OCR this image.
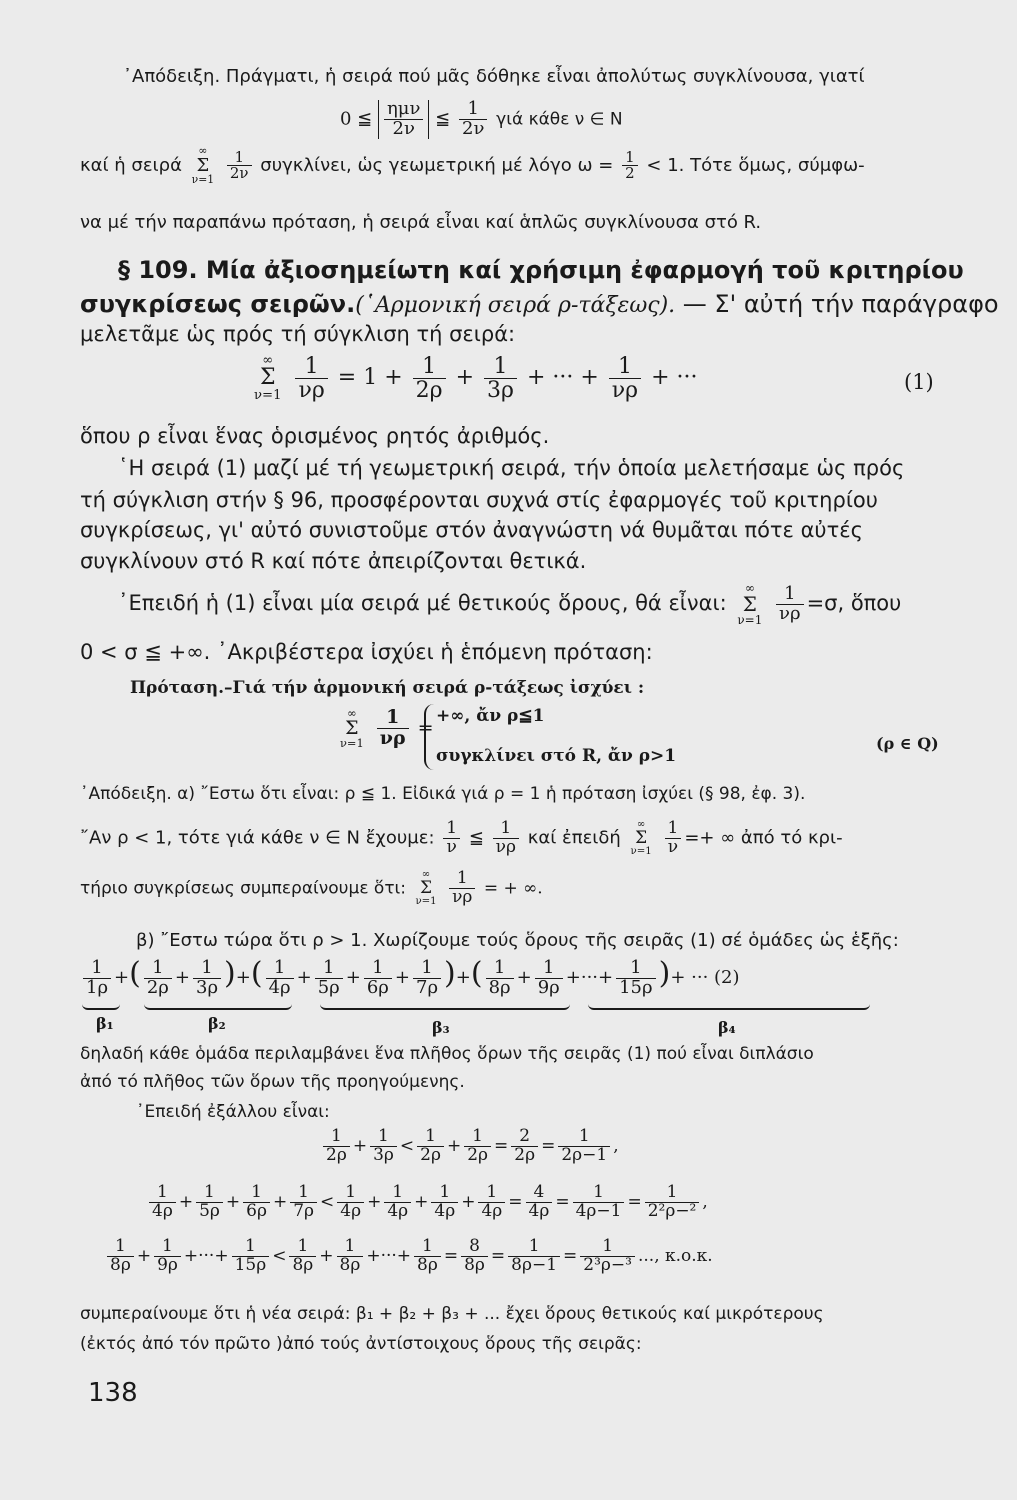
᾿Απόδειξη. Πράγματι, ἡ σειρά πού μᾶς δόθηκε εἶναι ἀπολύτως συγκλίνουσα, γιατί
0 ≦ $\frac{\text{ημν}}{2\nu}$ ≦ $\frac{1}{2\nu}$ γιά κάθε ν ∈ N
καί ἡ σειρά
∞
Σ
ν=1
$\frac{1}{2\nu} \sigma\upsilon\gamma\kappa\lambda ί\nu\varepsilon\iota$, ὡς γεωμετρική μέ λόγο $\omega = \frac{1}{2} < 1$. Τότε ὅμως, σύμφω-
να μέ τήν παραπάνω πρόταση, ἡ σειρά εἶναι καί ἁπλῶς συγκλίνουσα στό R.
§ 109. Μία ἀξιοσημείωτη καί χρήσιμη ἐφαρμογή τοῦ κριτηρίου
συγκρίσεως σειρῶν.(῾Αρμονική σειρά ρ-τάξεως). — Σ' αὐτή τήν παράγραφο
μελετᾶμε ὡς πρός τή σύγκλιση τή σειρά:
∞
Σ
ν=1
$\frac{1}{\nu\rho} = 1 + \frac{1}{2\rho} + \frac{1}{3\rho}$ + ··· + $\frac{1}{\nu\rho}$ + ···	(1)
ὅπου ρ εἶναι ἕνας ὁρισμένος ρητός ἀριθμός.
῾Η σειρά (1) μαζί μέ τή γεωμετρική σειρά, τήν ὁποία μελετήσαμε ὡς πρός
τή σύγκλιση στήν § 96, προσφέρονται συχνά στίς ἐφαρμογές τοῦ κριτηρίου
συγκρίσεως, γι' αὐτό συνιστοῦμε στόν ἀναγνώστη νά θυμᾶται πότε αὐτές
συγκλίνουν στό R καί πότε ἀπειρίζονται θετικά.
᾿Επειδή ἡ (1) εἶναι μία σειρά μέ θετικούς ὅρους, θά εἶναι:
∞
Σ
ν=1
$\frac{1}{\nu\rho} =\sigma$, ὅπου
0 < σ ≦ +∞. ᾿Ακριβέστερα ἰσχύει ἡ ἑπόμενη πρόταση:
Πρόταση.–Γιά τήν ἁρμονική σειρά ρ-τάξεως ἰσχύει :
∞
Σ
ν=1
$\frac{1}{\nu\rho}$ =
+∞, ἄν ρ≦1
συγκλίνει στό R, ἄν ρ>1
(ρ ∈ Q)
᾿Απόδειξη. α) ῎Εστω ὅτι εἶναι: ρ ≦ 1. Εἰδικά γιά ρ = 1 ἡ πρόταση ἰσχύει (§ 98, ἐφ. 3).
῎Αν ρ < 1, τότε γιά κάθε ν ∈ N ἔχουμε: $\frac{1}{\nu}$ ≦ $\frac{1}{\nu\rho}$ καί ἐπειδή
∞
Σ
ν=1
$\frac{1}{\nu}$ =+ ∞ ἀπό τό κρι-
τήριο συγκρίσεως συμπεραίνουμε ὅτι:
∞
Σ
ν=1
$\frac{1}{\nu\rho}$ = + ∞.
β) ῎Εστω τώρα ὅτι ρ > 1. Χωρίζουμε τούς ὅρους τῆς σειρᾶς (1) σέ ὁμάδες ὡς ἑξῆς:
$\frac{1}{1\rho}$ +( $\frac{1}{2\rho} + \frac{1}{3\rho}$ )+( $\frac{1}{4\rho} + \frac{1}{5\rho} + \frac{1}{6\rho} + \frac{1}{7\rho}$ )+( $\frac{1}{8\rho} + \frac{1}{9\rho}$ +···+ $\frac{1}{15\rho}$ )+ ··· (2)
β₁	β₂	β₃	β₄
δηλαδή κάθε ὁμάδα περιλαμβάνει ἕνα πλῆθος ὅρων τῆς σειρᾶς (1) πού εἶναι διπλάσιο
ἀπό τό πλῆθος τῶν ὅρων τῆς προηγούμενης.
᾿Επειδή ἐξάλλου εἶναι:
$\frac{1}{2\rho} + \frac{1}{3\rho} < \frac{1}{2\rho} + \frac{1}{2\rho} = \frac{2}{2\rho} = \frac{1}{2\rho-1}$ ,
$\frac{1}{4\rho} + \frac{1}{5\rho} + \frac{1}{6\rho} + \frac{1}{7\rho} < \frac{1}{4\rho} + \frac{1}{4\rho} + \frac{1}{4\rho} + \frac{1}{4\rho} = \frac{4}{4\rho} = \frac{1}{4\rho-1} = \frac{1}{\text{2²ρ−²}}$ ,
$\frac{1}{8\rho} + \frac{1}{9\rho}$ +···+ $\frac{1}{15\rho} < \frac{1}{8\rho} + \frac{1}{8\rho}$ +···+ $\frac{1}{8\rho} = \frac{8}{8\rho} = \frac{1}{8\rho-1} = \frac{1}{\text{2³ρ−³}}$ ..., κ.ο.κ.
συμπεραίνουμε ὅτι ἡ νέα σειρά: β₁ + β₂ + β₃ + ... ἔχει ὅρους θετικούς καί μικρότερους
(ἐκτός ἀπό τόν πρῶτο )ἀπό τούς ἀντίστοιχους ὅρους τῆς σειρᾶς:
138
